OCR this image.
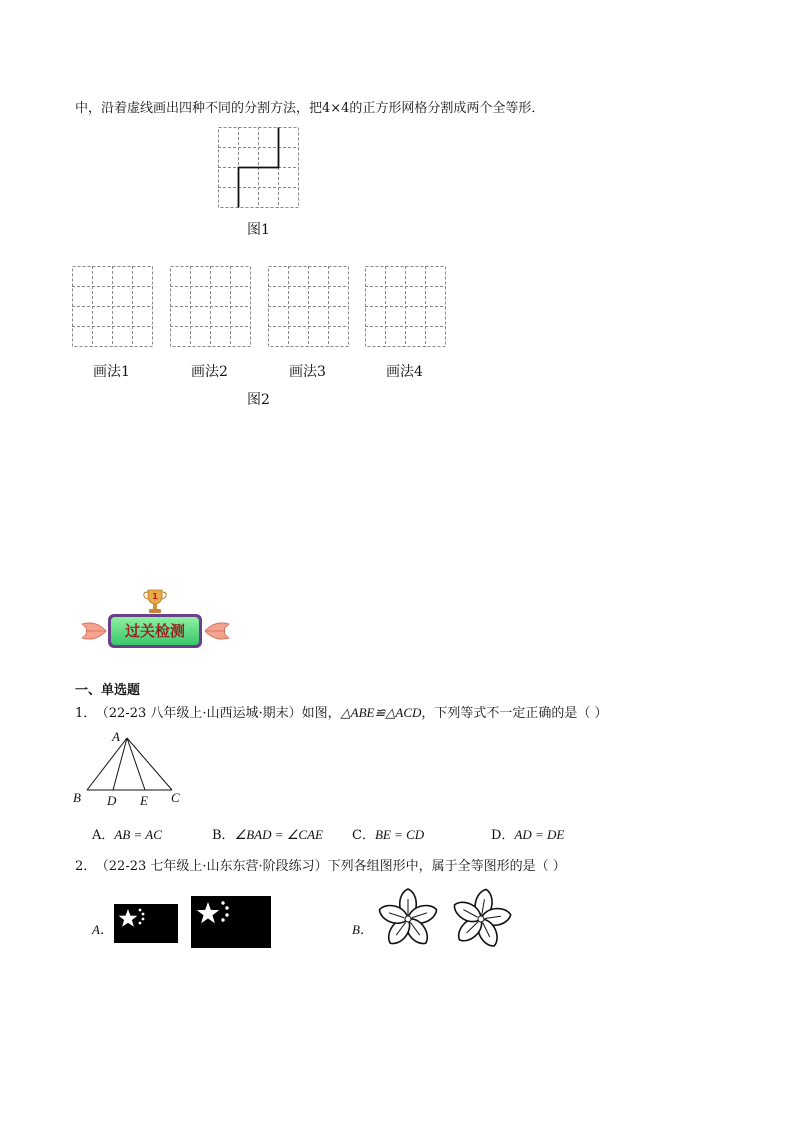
中，沿着虚线画出四种不同的分割方法，把4×4的正方形网格分割成两个全等形．
图1
画法1	画法2	画法3	画法4
图2
1
过关检测
一、单选题
1． （22-23 八年级上·山西运城·期末）如图，△ABE≌△ACD，下列等式不一定正确的是（ ）
A
B D E C
A．AB = AC	B．∠BAD = ∠CAE C．BE = CD	D．AD = DE
2． （22-23 七年级上·山东东营·阶段练习）下列各组图形中，属于全等图形的是（ ）
A．	B．
